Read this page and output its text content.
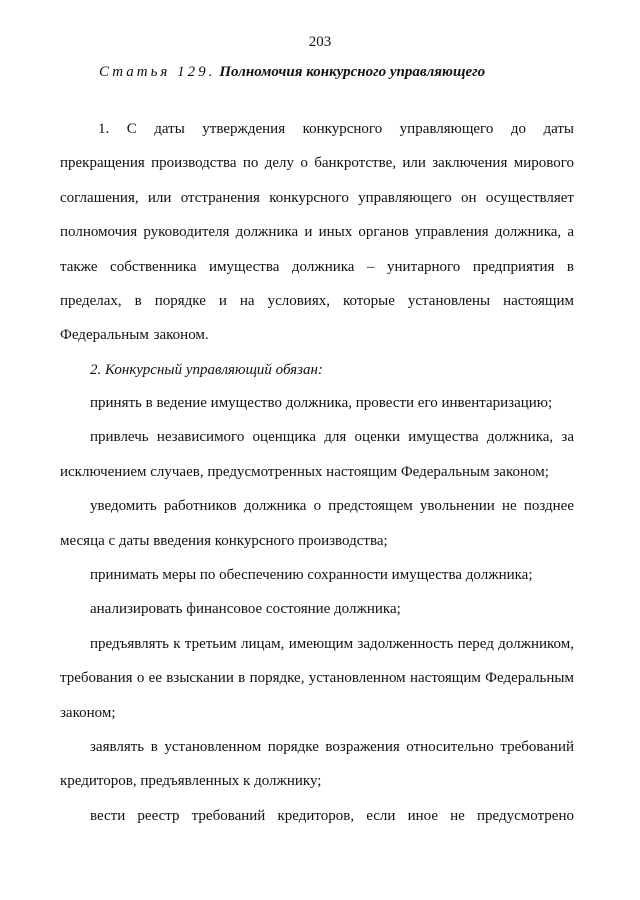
203
Статья 129. Полномочия конкурсного управляющего

1. С даты утверждения конкурсного управляющего до даты прекращения производства по делу о банкротстве, или заключения мирового соглашения, или отстранения конкурсного управляющего он осуществляет полномочия руководителя должника и иных органов управления должника, а также собственника имущества должника – унитарного предприятия в пределах, в порядке и на условиях, которые установлены настоящим Федеральным законом.

2. Конкурсный управляющий обязан:

принять в ведение имущество должника, провести его инвентаризацию;
привлечь независимого оценщика для оценки имущества должника, за исключением случаев, предусмотренных настоящим Федеральным законом;
уведомить работников должника о предстоящем увольнении не позднее месяца с даты введения конкурсного производства;
принимать меры по обеспечению сохранности имущества должника;
анализировать финансовое состояние должника;
предъявлять к третьим лицам, имеющим задолженность перед должником, требования о ее взыскании в порядке, установленном настоящим Федеральным законом;
заявлять в установленном порядке возражения относительно требований кредиторов, предъявленных к должнику;
вести реестр требований кредиторов, если иное не предусмотрено
